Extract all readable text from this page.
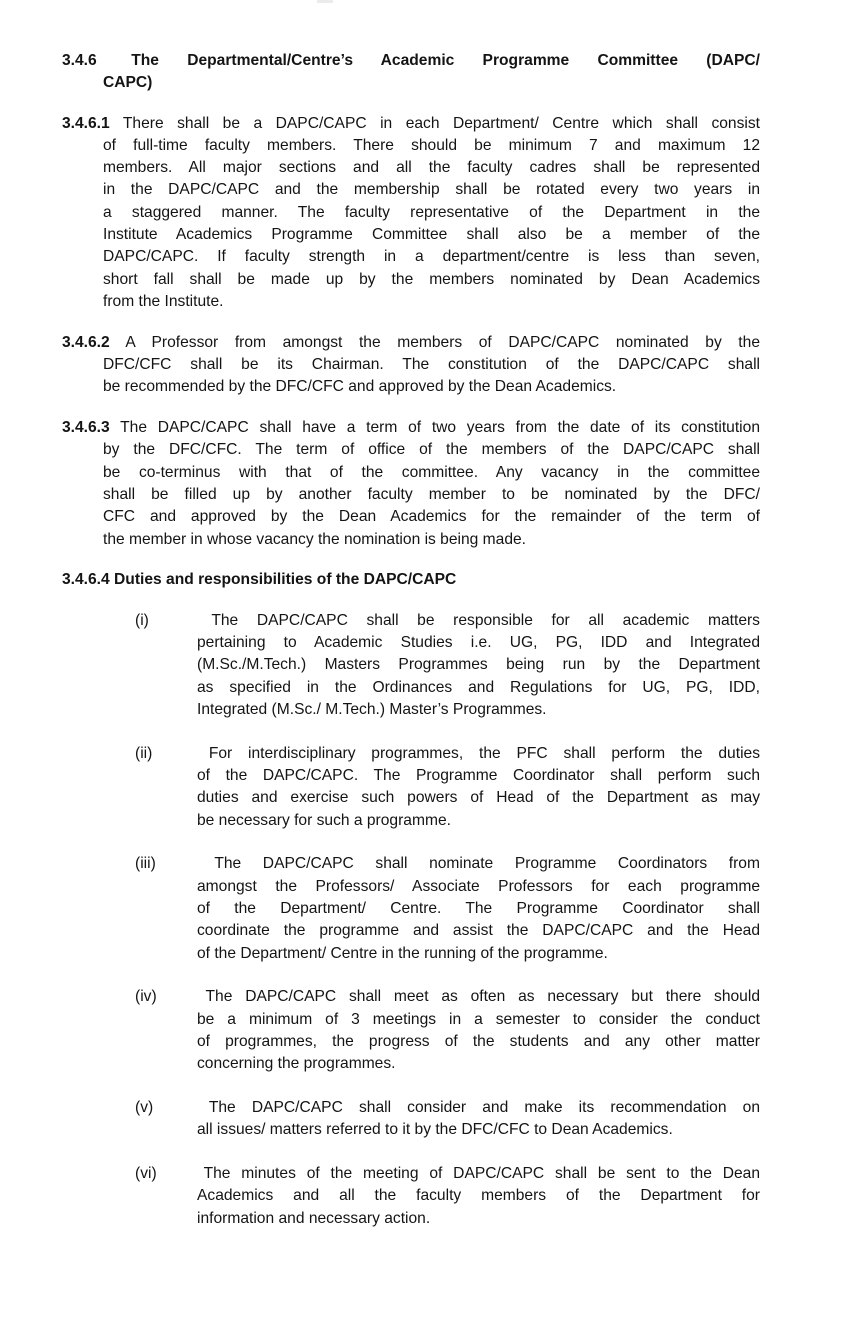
3.4.6 The Departmental/Centre’s Academic Programme Committee (DAPC/
CAPC)
3.4.6.1 There shall be a DAPC/CAPC in each Department/ Centre which shall consist
of full-time faculty members. There should be minimum 7 and maximum 12
members. All major sections and all the faculty cadres shall be represented
in the DAPC/CAPC and the membership shall be rotated every two years in
a staggered manner. The faculty representative of the Department in the
Institute Academics Programme Committee shall also be a member of the
DAPC/CAPC. If faculty strength in a department/centre is less than seven,
short fall shall be made up by the members nominated by Dean Academics
from the Institute.
3.4.6.2 A Professor from amongst the members of DAPC/CAPC nominated by the
DFC/CFC shall be its Chairman. The constitution of the DAPC/CAPC shall
be recommended by the DFC/CFC and approved by the Dean Academics.
3.4.6.3 The DAPC/CAPC shall have a term of two years from the date of its constitution
by the DFC/CFC. The term of office of the members of the DAPC/CAPC shall
be co-terminus with that of the committee. Any vacancy in the committee
shall be filled up by another faculty member to be nominated by the DFC/
CFC and approved by the Dean Academics for the remainder of the term of
the member in whose vacancy the nomination is being made.
3.4.6.4 Duties and responsibilities of the DAPC/CAPC
(i)	The DAPC/CAPC shall be responsible for all academic matters
pertaining to Academic Studies i.e. UG, PG, IDD and Integrated
(M.Sc./M.Tech.) Masters Programmes being run by the Department
as specified in the Ordinances and Regulations for UG, PG, IDD,
Integrated (M.Sc./ M.Tech.) Master’s Programmes.
(ii)	For interdisciplinary programmes, the PFC shall perform the duties
of the DAPC/CAPC. The Programme Coordinator shall perform such
duties and exercise such powers of Head of the Department as may
be necessary for such a programme.
(iii)	The DAPC/CAPC shall nominate Programme Coordinators from
amongst the Professors/ Associate Professors for each programme
of the Department/ Centre. The Programme Coordinator shall
coordinate the programme and assist the DAPC/CAPC and the Head
of the Department/ Centre in the running of the programme.
(iv)	The DAPC/CAPC shall meet as often as necessary but there should
be a minimum of 3 meetings in a semester to consider the conduct
of programmes, the progress of the students and any other matter
concerning the programmes.
(v)	The DAPC/CAPC shall consider and make its recommendation on
all issues/ matters referred to it by the DFC/CFC to Dean Academics.
(vi)	The minutes of the meeting of DAPC/CAPC shall be sent to the Dean
Academics and all the faculty members of the Department for
information and necessary action.
